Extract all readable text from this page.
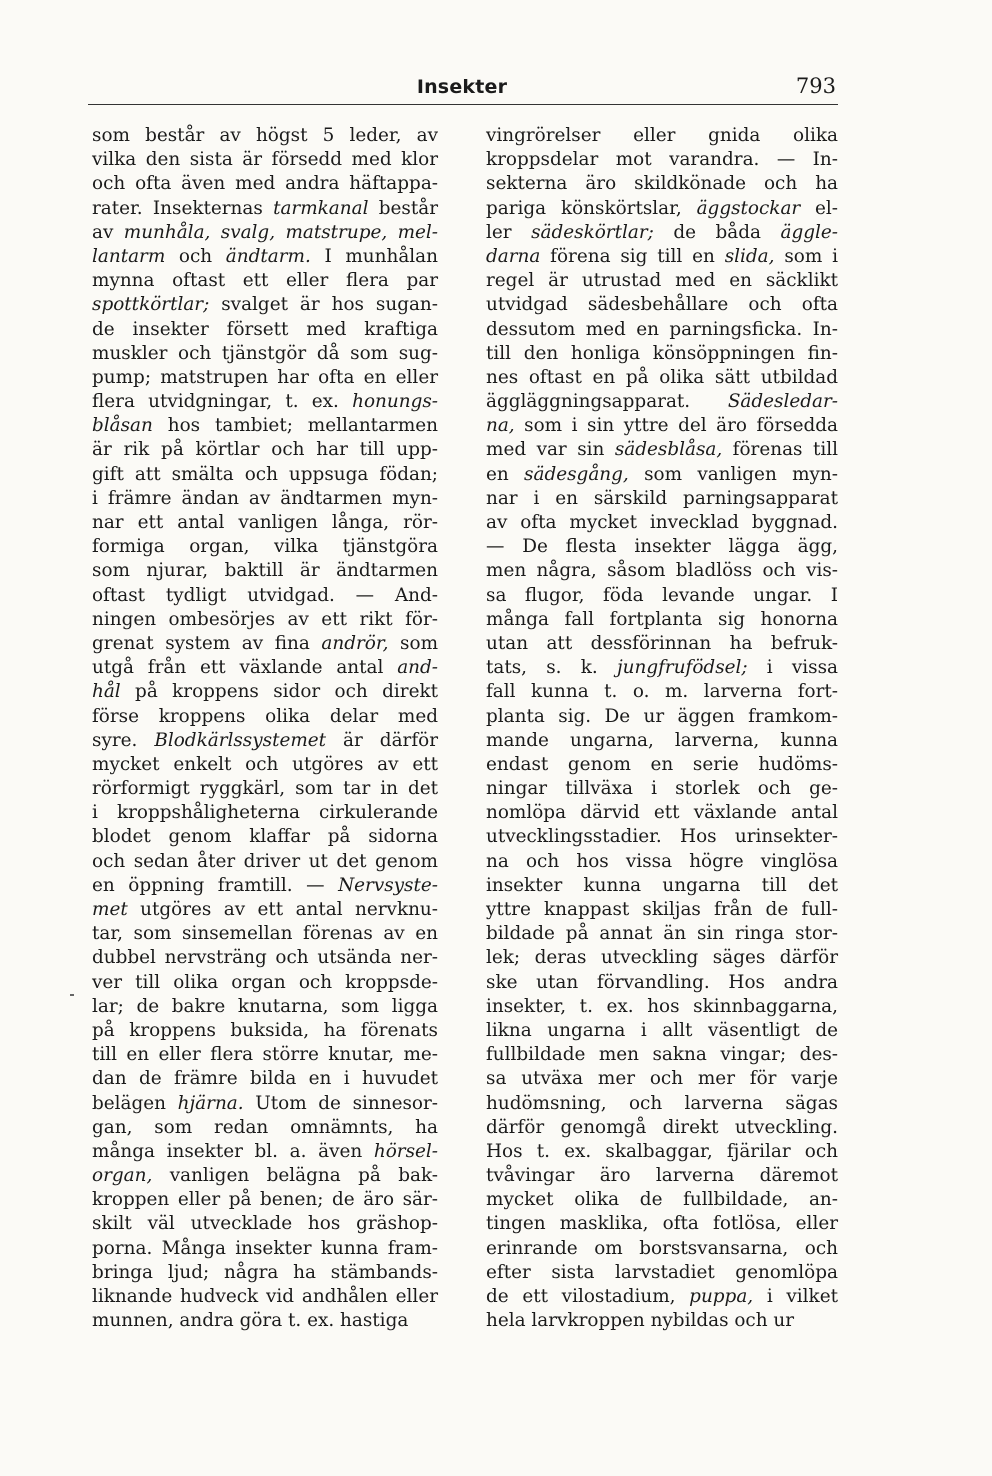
Insekter	793
som består av högst 5 leder, av
vilka den sista är försedd med klor
och ofta även med andra häftappa-
rater. Insekternas tarmkanal består
av munhåla, svalg, matstrupe, mel-
lantarm och ändtarm. I munhålan
mynna oftast ett eller flera par
spottkörtlar; svalget är hos sugan-
de insekter försett med kraftiga
muskler och tjänstgör då som sug-
pump; matstrupen har ofta en eller
flera utvidgningar, t. ex. honungs-
blåsan hos tambiet; mellantarmen
är rik på körtlar och har till upp-
gift att smälta och uppsuga födan;
i främre ändan av ändtarmen myn-
nar ett antal vanligen långa, rör-
formiga organ, vilka tjänstgöra
som njurar, baktill är ändtarmen
oftast tydligt utvidgad. — And-
ningen ombesörjes av ett rikt för-
grenat system av fina andrör, som
utgå från ett växlande antal and-
hål på kroppens sidor och direkt
förse kroppens olika delar med
syre. Blodkärlssystemet är därför
mycket enkelt och utgöres av ett
rörformigt ryggkärl, som tar in det
i kroppshåligheterna cirkulerande
blodet genom klaffar på sidorna
och sedan åter driver ut det genom
en öppning framtill. — Nervsyste-
met utgöres av ett antal nervknu-
tar, som sinsemellan förenas av en
dubbel nervsträng och utsända ner-
ver till olika organ och kroppsde-
lar; de bakre knutarna, som ligga
på kroppens buksida, ha förenats
till en eller flera större knutar, me-
dan de främre bilda en i huvudet
belägen hjärna. Utom de sinnesor-
gan, som redan omnämnts, ha
många insekter bl. a. även hörsel-
organ, vanligen belägna på bak-
kroppen eller på benen; de äro sär-
skilt väl utvecklade hos gräshop-
porna. Många insekter kunna fram-
bringa ljud; några ha stämbands-
liknande hudveck vid andhålen eller
munnen, andra göra t. ex. hastiga
vingrörelser eller gnida olika
kroppsdelar mot varandra. — In-
sekterna äro skildkönade och ha
pariga könskörtslar, äggstockar el-
ler sädeskörtlar; de båda äggle-
darna förena sig till en slida, som i
regel är utrustad med en säcklikt
utvidgad sädesbehållare och ofta
dessutom med en parningsficka. In-
till den honliga könsöppningen fin-
nes oftast en på olika sätt utbildad
äggläggningsapparat. Sädesledar-
na, som i sin yttre del äro försedda
med var sin sädesblåsa, förenas till
en sädesgång, som vanligen myn-
nar i en särskild parningsapparat
av ofta mycket invecklad byggnad.
— De flesta insekter lägga ägg,
men några, såsom bladlöss och vis-
sa flugor, föda levande ungar. I
många fall fortplanta sig honorna
utan att dessförinnan ha befruk-
tats, s. k. jungfrufödsel; i vissa
fall kunna t. o. m. larverna fort-
planta sig. De ur äggen framkom-
mande ungarna, larverna, kunna
endast genom en serie hudöms-
ningar tillväxa i storlek och ge-
nomlöpa därvid ett växlande antal
utvecklingsstadier. Hos urinsekter-
na och hos vissa högre vinglösa
insekter kunna ungarna till det
yttre knappast skiljas från de full-
bildade på annat än sin ringa stor-
lek; deras utveckling säges därför
ske utan förvandling. Hos andra
insekter, t. ex. hos skinnbaggarna,
likna ungarna i allt väsentligt de
fullbildade men sakna vingar; des-
sa utväxa mer och mer för varje
hudömsning, och larverna sägas
därför genomgå direkt utveckling.
Hos t. ex. skalbaggar, fjärilar och
tvåvingar äro larverna däremot
mycket olika de fullbildade, an-
tingen masklika, ofta fotlösa, eller
erinrande om borstsvansarna, och
efter sista larvstadiet genomlöpa
de ett vilostadium, puppa, i vilket
hela larvkroppen nybildas och ur
